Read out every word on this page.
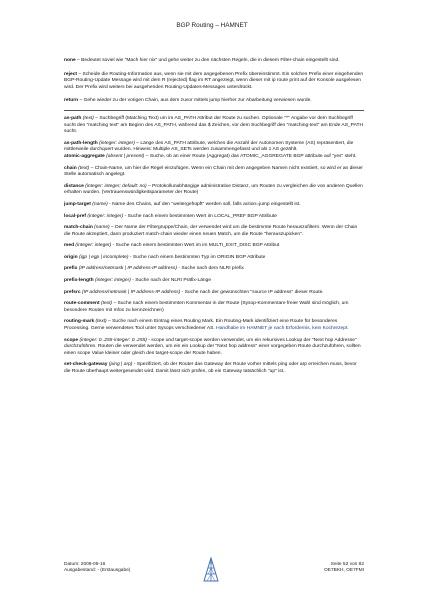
BGP Routing – HAMNET

none – Bedeutet soviel wie "Mach hier nix" und gehe weiter zu den nächsten Regeln, die in diesem Filter-chain eingestellt sind.

reject – Scheide die Routing-Information aus, wenn sie mit dem angegebenen Prefix übereinstimmt. Ein solches Prefix einer eingehenden BGP-Routing-Update Message wird mit dem R (rejected) flag im RT angezeigt, wenn dieser mit ip route print auf der Konsole ausgelesen wird. Der Prefix wird weiters bei ausgehenden Routing-Updates-Messages unterdrückt.

return – Gehe wieder zu der vorigen Chain, aus dem zuvor mittels jump hierher zur Abarbeitung verwiesen wurde.

as-path (text) – Suchbegriff (Matching Text) um im AS_PATH Attribut der Route zu suchen. Optionale "^" Angabe vor dem Suchbegriff sucht den "matching text" am Beginn des AS_PATH, während das $ Zeichen, vor dem Suchbegriff den "matching-text" am Ende AS_PATH sucht.

as-path-length (integer: integer) – Länge des AS_PATH attribute, welches die Anzahl der Autonomen Systeme (AS) repräsentiert, die mittlerweile durchquert wurden. Hinweis: Multiple AS_SETs werden zusammengefasst und als 1 AS gezählt.

atomic-aggregate (absent | present) – Suche, ob an einer Route (Aggregat) das ATOMIC_AGGREGATE BGP attribute auf "yes" steht.

chain (text) – Chain-Name, um hier die Regel einzufügen. Wenn ein Chain mit dem angegeben Namen nicht existiert, so wird er an dieser Stelle automatisch angelegt.

distance (integer: integer; default: no) – Protokollunabhängige administrative Distanz, um Routen zu vergleichen die von anderen Quellen erhalten wurden. (Vertrauenswürdigkeitsparameter der Route)

jump-target (name) - Name des Chains, auf den "weitergehüpft" werden soll, falls action=jump eingestellt ist.

local-pref (integer: integer) - Suche nach einem bestimmten Wert im LOCAL_PREF BGP Attribute

match-chain (name) – Der Name der Filtergruppe/Chain, der verwendet wird um die bestimmte Route herauszufiltern. Wenn der Chain die Route akzeptiert, dann produziert match-chain wieder einen neuen Match, um die Route "herauszupicken".

med (integer: integer) - Suche nach einem bestimmten Wert im im MULTI_EXIT_DISC BGP Attribut

origin (igp | egp | incomplete) - Suche nach einem bestimmten Typ im ORIGIN BGP Attribute

prefix (IP address/netmask | IP address-IP address) - Suche nach dem NLRI prefix

prefix-length (integer: integer) - Suche nach der NLRI Präfix-Länge

prefsrc (IP address/netmask | IP address-IP address) - Suche nach der gewünschten "source IP address" dieser Route.

route-comment (text) – Suche nach einem bestimmten Kommentar in der Route (Sysop-Kommentare freier Wahl sind möglich, um besondere Routen mit Infos zu kennzeichnen)

routing-mark (text) – Suche nach einem Eintrag eines Routing Mark. Ein Routing-Mark identifiziert eine Route für besonderes Processing. Gerne verwendetes Tool unter Sysops verschiedener AS. Handhabe im HAMNET je nach Erfordernis, kein Kochrezept.

scope (integer: 0..255-integer: 0..255) - scope und target-scope werden verwendet, um ein rekursives Lookup der "Next hop Addresse" durchzuführen. Routen die verwendet werden, um ein ein Lookup der "Next hop address" einer vorgegeben Route durchzuführen, sollten einen scope Value kleiner oder gleich des target-scope der Route haben.

set-check-gateway (ping | arp) - Spezifiziert, ob der Router das Gateway der Route vorher mittels ping oder arp erreichen muss, bevor die Route überhaupt weitergesendet wird. Damit lässt sich prüfen, ob ein Gateway tatsächlich "up" ist..

Datum: 2009-05-16
Ausgabestand: - (Erstausgabe)
Seite 52 von 82
OE7BKH, OE7FMI
